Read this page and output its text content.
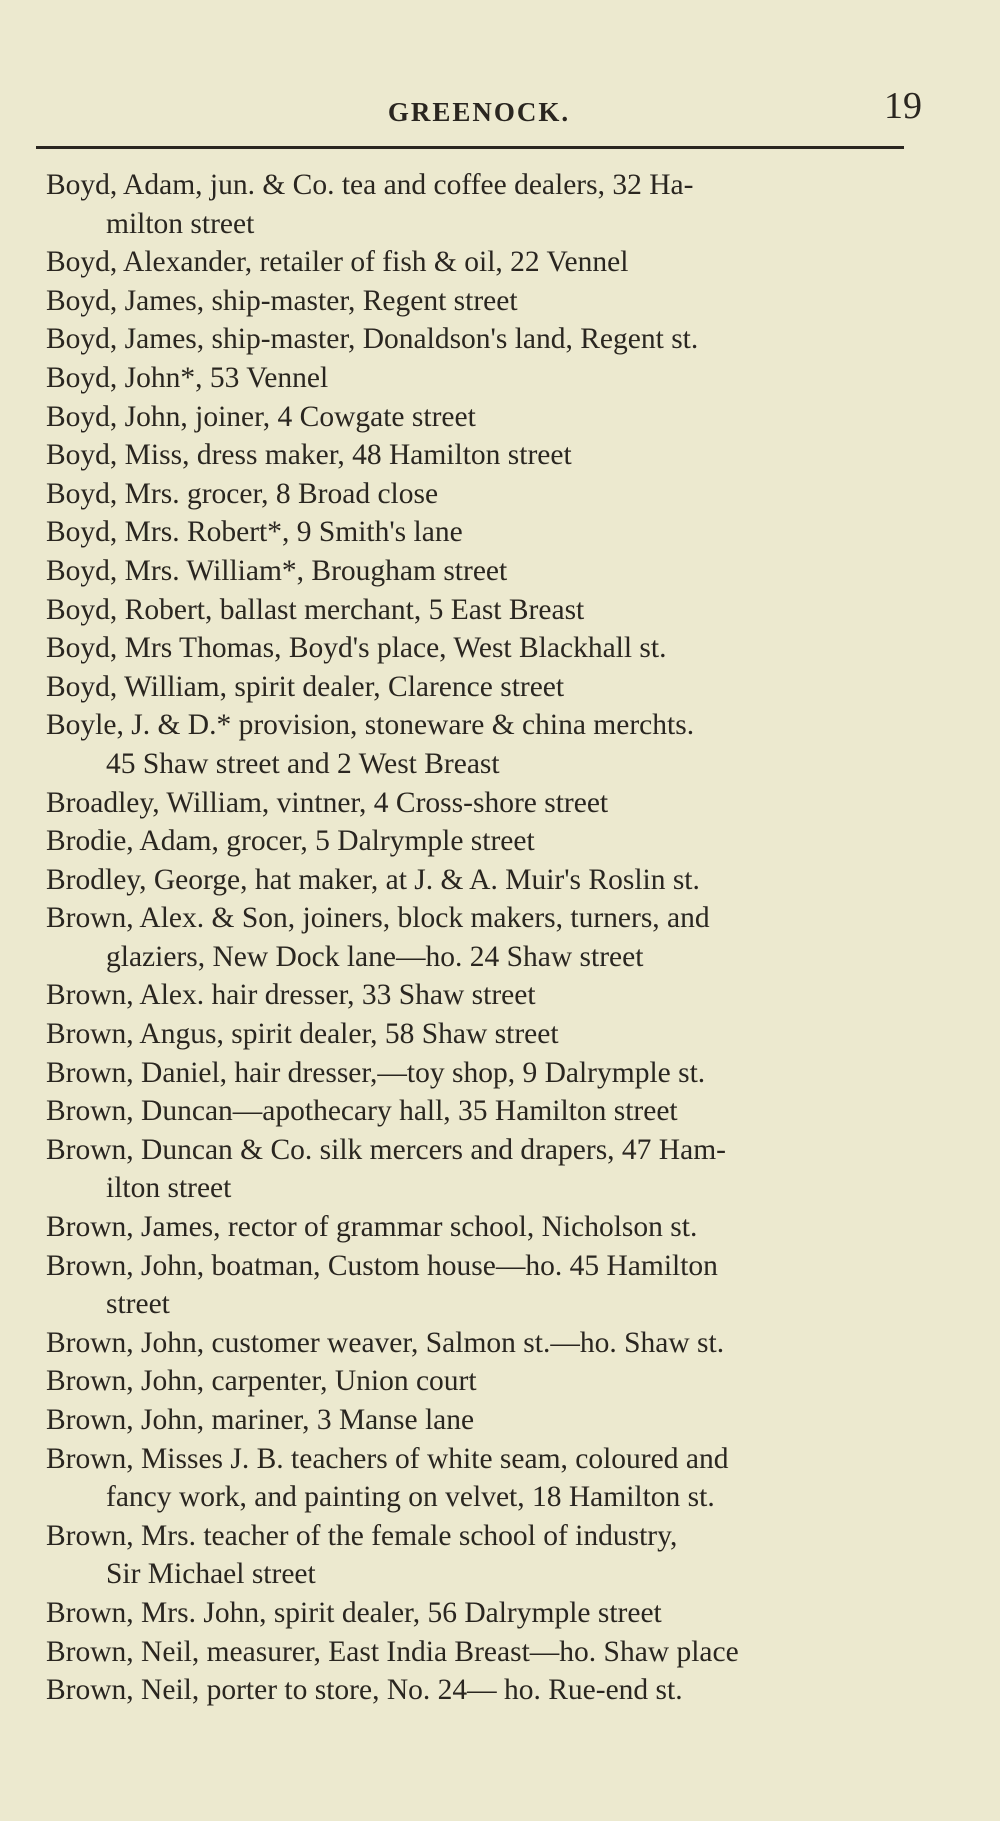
GREENOCK.	19
Boyd, Adam, jun. & Co. tea and coffee dealers, 32 Ha-
milton street
Boyd, Alexander, retailer of fish & oil, 22 Vennel
Boyd, James, ship-master, Regent street
Boyd, James, ship-master, Donaldson's land, Regent st.
Boyd, John*, 53 Vennel
Boyd, John, joiner, 4 Cowgate street
Boyd, Miss, dress maker, 48 Hamilton street
Boyd, Mrs. grocer, 8 Broad close
Boyd, Mrs. Robert*, 9 Smith's lane
Boyd, Mrs. William*, Brougham street
Boyd, Robert, ballast merchant, 5 East Breast
Boyd, Mrs Thomas, Boyd's place, West Blackhall st.
Boyd, William, spirit dealer, Clarence street
Boyle, J. & D.* provision, stoneware & china merchts.
45 Shaw street and 2 West Breast
Broadley, William, vintner, 4 Cross-shore street
Brodie, Adam, grocer, 5 Dalrymple street
Brodley, George, hat maker, at J. & A. Muir's Roslin st.
Brown, Alex. & Son, joiners, block makers, turners, and
glaziers, New Dock lane—ho. 24 Shaw street
Brown, Alex. hair dresser, 33 Shaw street
Brown, Angus, spirit dealer, 58 Shaw street
Brown, Daniel, hair dresser,—toy shop, 9 Dalrymple st.
Brown, Duncan—apothecary hall, 35 Hamilton street
Brown, Duncan & Co. silk mercers and drapers, 47 Ham-
ilton street
Brown, James, rector of grammar school, Nicholson st.
Brown, John, boatman, Custom house—ho. 45 Hamilton
street
Brown, John, customer weaver, Salmon st.—ho. Shaw st.
Brown, John, carpenter, Union court
Brown, John, mariner, 3 Manse lane
Brown, Misses J. B. teachers of white seam, coloured and
fancy work, and painting on velvet, 18 Hamilton st.
Brown, Mrs. teacher of the female school of industry,
Sir Michael street
Brown, Mrs. John, spirit dealer, 56 Dalrymple street
Brown, Neil, measurer, East India Breast—ho. Shaw place
Brown, Neil, porter to store, No. 24— ho. Rue-end st.
